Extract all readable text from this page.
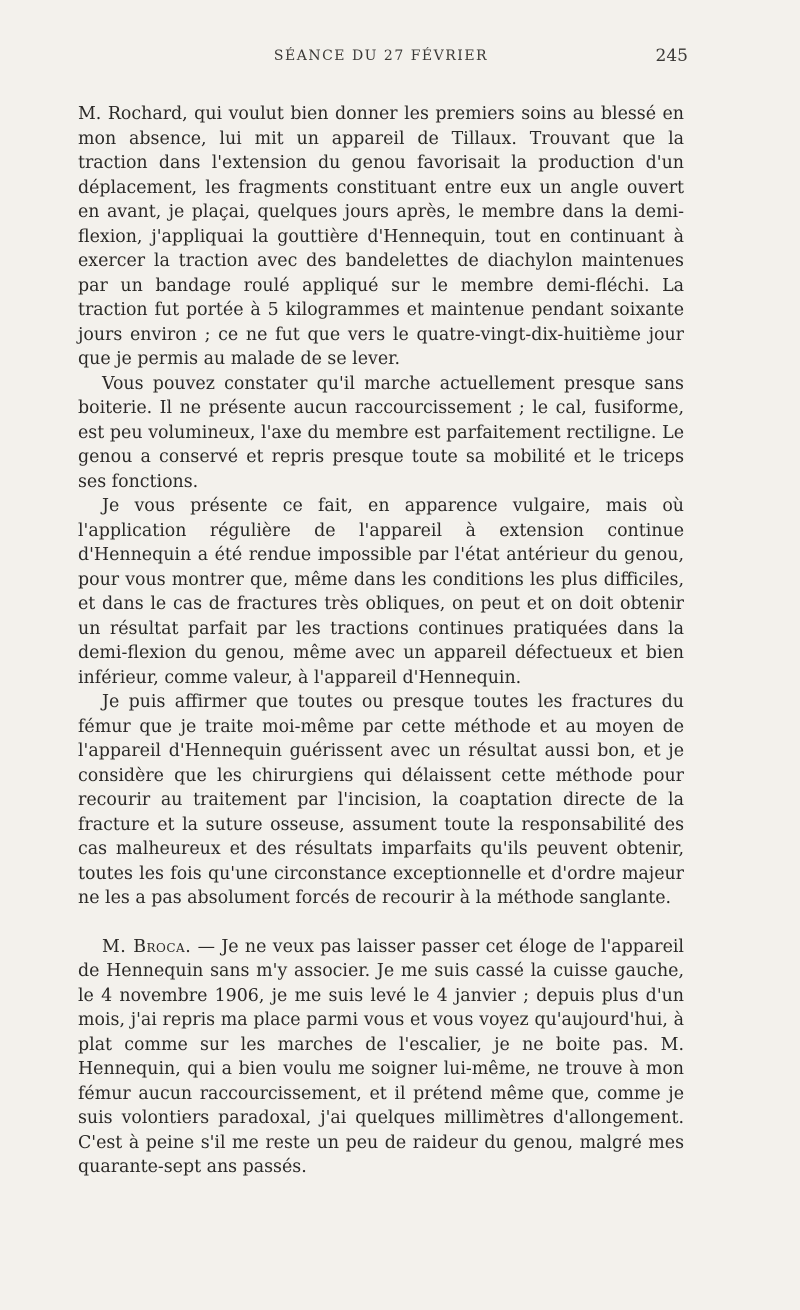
SÉANCE DU 27 FÉVRIER	245

M. Rochard, qui voulut bien donner les premiers soins au blessé en mon absence, lui mit un appareil de Tillaux. Trouvant que la traction dans l'extension du genou favorisait la production d'un déplacement, les fragments constituant entre eux un angle ouvert en avant, je plaçai, quelques jours après, le membre dans la demi-flexion, j'appliquai la gouttière d'Hennequin, tout en continuant à exercer la traction avec des bandelettes de diachylon maintenues par un bandage roulé appliqué sur le membre demi-fléchi. La traction fut portée à 5 kilogrammes et maintenue pendant soixante jours environ ; ce ne fut que vers le quatre-vingt-dix-huitième jour que je permis au malade de se lever.

Vous pouvez constater qu'il marche actuellement presque sans boiterie. Il ne présente aucun raccourcissement ; le cal, fusiforme, est peu volumineux, l'axe du membre est parfaitement rectiligne. Le genou a conservé et repris presque toute sa mobilité et le triceps ses fonctions.

Je vous présente ce fait, en apparence vulgaire, mais où l'application régulière de l'appareil à extension continue d'Hennequin a été rendue impossible par l'état antérieur du genou, pour vous montrer que, même dans les conditions les plus difficiles, et dans le cas de fractures très obliques, on peut et on doit obtenir un résultat parfait par les tractions continues pratiquées dans la demi-flexion du genou, même avec un appareil défectueux et bien inférieur, comme valeur, à l'appareil d'Hennequin.

Je puis affirmer que toutes ou presque toutes les fractures du fémur que je traite moi-même par cette méthode et au moyen de l'appareil d'Hennequin guérissent avec un résultat aussi bon, et je considère que les chirurgiens qui délaissent cette méthode pour recourir au traitement par l'incision, la coaptation directe de la fracture et la suture osseuse, assument toute la responsabilité des cas malheureux et des résultats imparfaits qu'ils peuvent obtenir, toutes les fois qu'une circonstance exceptionnelle et d'ordre majeur ne les a pas absolument forcés de recourir à la méthode sanglante.

M. Broca. — Je ne veux pas laisser passer cet éloge de l'appareil de Hennequin sans m'y associer. Je me suis cassé la cuisse gauche, le 4 novembre 1906, je me suis levé le 4 janvier ; depuis plus d'un mois, j'ai repris ma place parmi vous et vous voyez qu'aujourd'hui, à plat comme sur les marches de l'escalier, je ne boite pas. M. Hennequin, qui a bien voulu me soigner lui-même, ne trouve à mon fémur aucun raccourcissement, et il prétend même que, comme je suis volontiers paradoxal, j'ai quelques millimètres d'allongement. C'est à peine s'il me reste un peu de raideur du genou, malgré mes quarante-sept ans passés.
